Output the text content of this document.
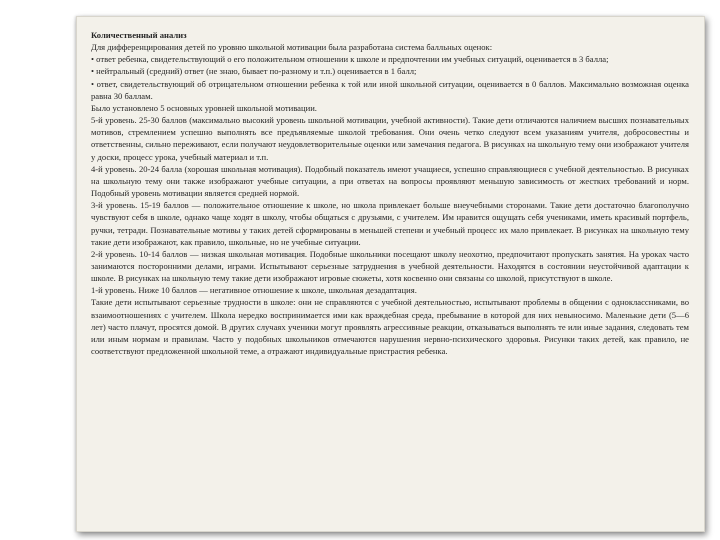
Количественный анализ

Для дифференцирования детей по уровню школьной мотивации была разработана система балльных оценок:

• ответ ребенка, свидетельствующий о его положительном отношении к школе и предпочтении им учебных ситуаций, оценивается в 3 балла;

• нейтральный (средний) ответ (не знаю, бывает по-разному и т.п.) оценивается в 1 балл;

• ответ, свидетельствующий об отрицательном отношении ребенка к той или иной школьной ситуации, оценивается в 0 баллов. Максимально возможная оценка равна 30 баллам.

Было установлено 5 основных уровней школьной мотивации.

5-й уровень. 25-30 баллов (максимально высокий уровень школьной мотивации, учебной активности). Такие дети отличаются наличием высших познавательных мотивов, стремлением успешно выполнять все предъявляемые школой требования. Они очень четко следуют всем указаниям учителя, добросовестны и ответственны, сильно переживают, если получают неудовлетворительные оценки или замечания педагога. В рисунках на школьную тему они изображают учителя у доски, процесс урока, учебный материал и т.п.

4-й уровень. 20-24 балла (хорошая школьная мотивация). Подобный показатель имеют учащиеся, успешно справляющиеся с учебной деятельностью. В рисунках на школьную тему они также изображают учебные ситуации, а при ответах на вопросы проявляют меньшую зависимость от жестких требований и норм. Подобный уровень мотивации является средней нормой.

3-й уровень. 15-19 баллов — положительное отношение к школе, но школа привлекает больше внеучебными сторонами. Такие дети достаточно благополучно чувствуют себя в школе, однако чаще ходят в школу, чтобы общаться с друзьями, с учителем. Им нравится ощущать себя учениками, иметь красивый портфель, ручки, тетради. Познавательные мотивы у таких детей сформированы в меньшей степени и учебный процесс их мало привлекает. В рисунках на школьную тему такие дети изображают, как правило, школьные, но не учебные ситуации.

2-й уровень. 10-14 баллов — низкая школьная мотивация. Подобные школьники посещают школу неохотно, предпочитают пропускать занятия. На уроках часто занимаются посторонними делами, играми. Испытывают серьезные затруднения в учебной деятельности. Находятся в состоянии неустойчивой адаптации к школе. В рисунках на школьную тему такие дети изображают игровые сюжеты, хотя косвенно они связаны со школой, присутствуют в школе.

1-й уровень. Ниже 10 баллов — негативное отношение к школе, школьная дезадаптация.

Такие дети испытывают серьезные трудности в школе: они не справляются с учебной деятельностью, испытывают проблемы в общении с одноклассниками, во взаимоотношениях с учителем. Школа нередко воспринимается ими как враждебная среда, пребывание в которой для них невыносимо. Маленькие дети (5—6 лет) часто плачут, просятся домой. В других случаях ученики могут проявлять агрессивные реакции, отказываться выполнять те или иные задания, следовать тем или иным нормам и правилам. Часто у подобных школьников отмечаются нарушения нервно-психического здоровья. Рисунки таких детей, как правило, не соответствуют предложенной школьной теме, а отражают индивидуальные пристрастия ребенка.
